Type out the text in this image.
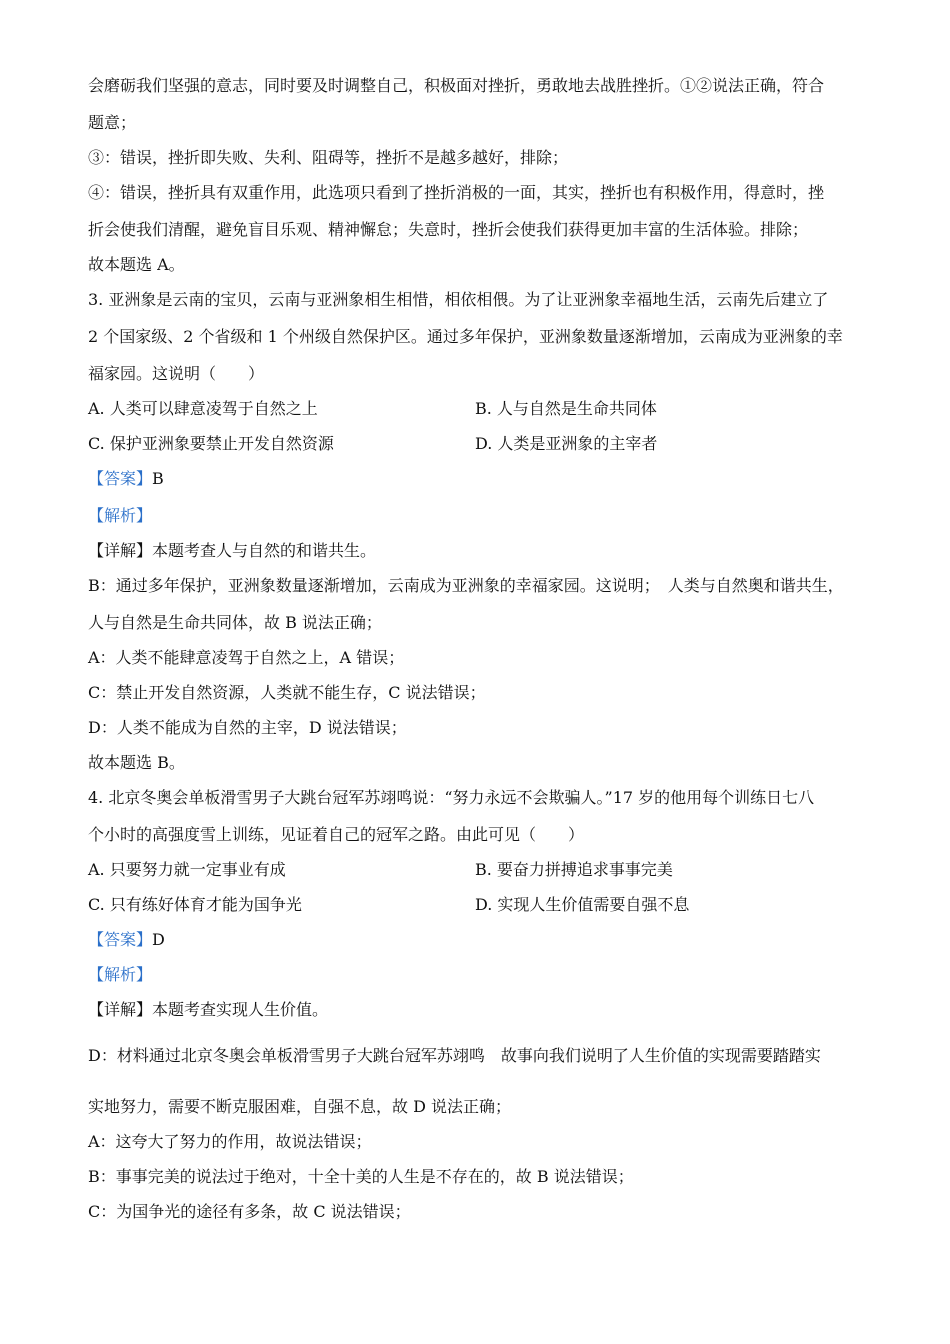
会磨砺我们坚强的意志，同时要及时调整自己，积极面对挫折，勇敢地去战胜挫折。①②说法正确，符合
题意；
③：错误，挫折即失败、失利、阻碍等，挫折不是越多越好，排除；
④：错误，挫折具有双重作用，此选项只看到了挫折消极的一面，其实，挫折也有积极作用，得意时，挫
折会使我们清醒，避免盲目乐观、精神懈怠；失意时，挫折会使我们获得更加丰富的生活体验。排除；
故本题选 A。
3. 亚洲象是云南的宝贝，云南与亚洲象相生相惜，相依相偎。为了让亚洲象幸福地生活，云南先后建立了
2 个国家级、2 个省级和 1 个州级自然保护区。通过多年保护，亚洲象数量逐渐增加，云南成为亚洲象的幸
福家园。这说明（　　）
A. 人类可以肆意凌驾于自然之上	B. 人与自然是生命共同体
C. 保护亚洲象要禁止开发自然资源	D. 人类是亚洲象的主宰者
【答案】B
【解析】
【详解】本题考查人与自然的和谐共生。
B：通过多年保护，亚洲象数量逐渐增加，云南成为亚洲象的幸福家园。这说明；　人类与自然奥和谐共生，
人与自然是生命共同体，故 B 说法正确；
A：人类不能肆意凌驾于自然之上，A 错误；
C：禁止开发自然资源，人类就不能生存，C 说法错误；
D：人类不能成为自然的主宰，D 说法错误；
故本题选 B。
4. 北京冬奥会单板滑雪男子大跳台冠军苏翊鸣说：“努力永远不会欺骗人。”17 岁的他用每个训练日七八
个小时的高强度雪上训练，见证着自己的冠军之路。由此可见（　　）
A. 只要努力就一定事业有成	B. 要奋力拼搏追求事事完美
C. 只有练好体育才能为国争光	D. 实现人生价值需要自强不息
【答案】D
【解析】
【详解】本题考查实现人生价值。
D：材料通过北京冬奥会单板滑雪男子大跳台冠军苏翊鸣　故事向我们说明了人生价值的实现需要踏踏实
实地努力，需要不断克服困难，自强不息，故 D 说法正确；
A：这夸大了努力的作用，故说法错误；
B：事事完美的说法过于绝对，十全十美的人生是不存在的，故 B 说法错误；
C：为国争光的途径有多条，故 C 说法错误；
